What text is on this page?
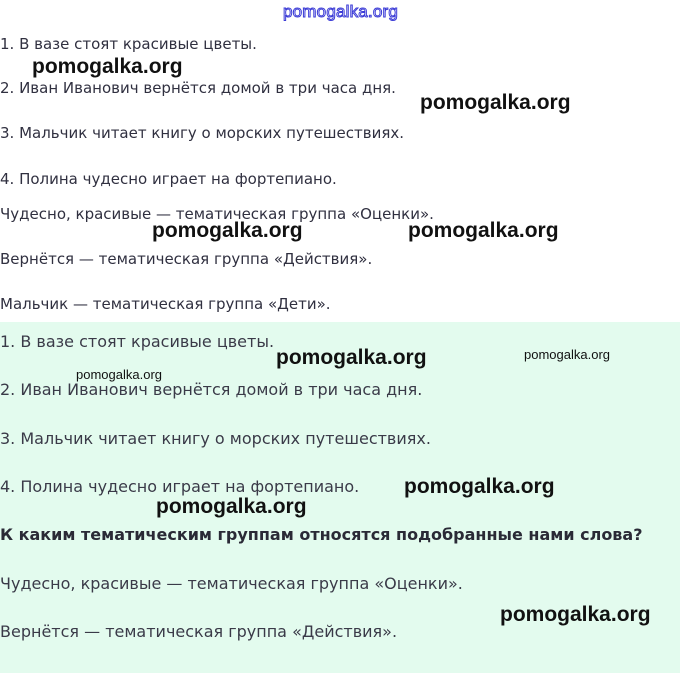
pomogalka.org
1. В вазе стоят красивые цветы.
2. Иван Иванович вернётся домой в три часа дня.
3. Мальчик читает книгу о морских путешествиях.
4. Полина чудесно играет на фортепиано.
Чудесно, красивые — тематическая группа «Оценки».
Вернётся — тематическая группа «Действия».
Мальчик — тематическая группа «Дети».
1. В вазе стоят красивые цветы.
2. Иван Иванович вернётся домой в три часа дня.
3. Мальчик читает книгу о морских путешествиях.
4. Полина чудесно играет на фортепиано.
К каким тематическим группам относятся подобранные нами слова?
Чудесно, красивые — тематическая группа «Оценки».
Вернётся — тематическая группа «Действия».
pomogalka.org
pomogalka.org
pomogalka.org	pomogalka.org
pomogalka.org	pomogalka.org
pomogalka.org
pomogalka.org
pomogalka.org
pomogalka.org
